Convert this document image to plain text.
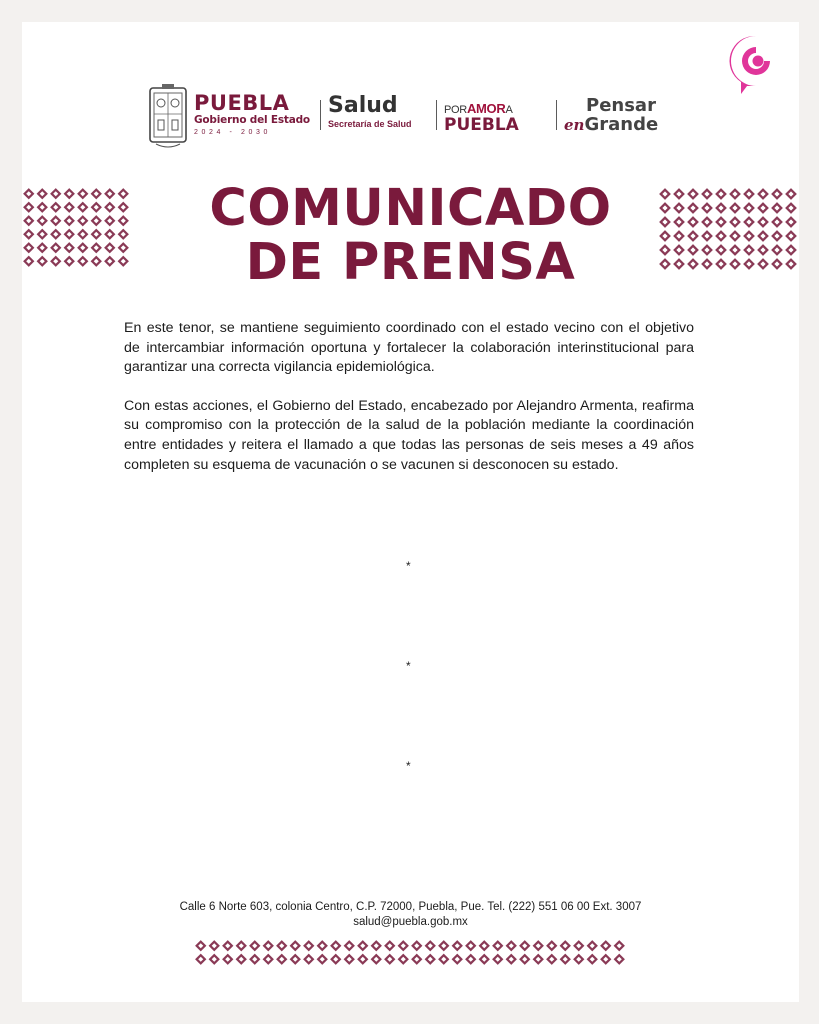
PUEBLA
Gobierno del Estado
2024 - 2030
Salud
Secretaría de Salud
PORAMORA
PUEBLA
Pensar
enGrande
COMUNICADO
DE PRENSA

En este tenor, se mantiene seguimiento coordinado con el estado vecino con el objetivo de intercambiar información oportuna y fortalecer la colaboración interinstitucional para garantizar una correcta vigilancia epidemiológica.

Con estas acciones, el Gobierno del Estado, encabezado por Alejandro Armenta, reafirma su compromiso con la protección de la salud de la población mediante la coordinación entre entidades y reitera el llamado a que todas las personas de seis meses a 49 años completen su esquema de vacunación o se vacunen si desconocen su estado.

*
*
*
Calle 6 Norte 603, colonia Centro, C.P. 72000, Puebla, Pue. Tel. (222) 551 06 00 Ext. 3007
salud@puebla.gob.mx
